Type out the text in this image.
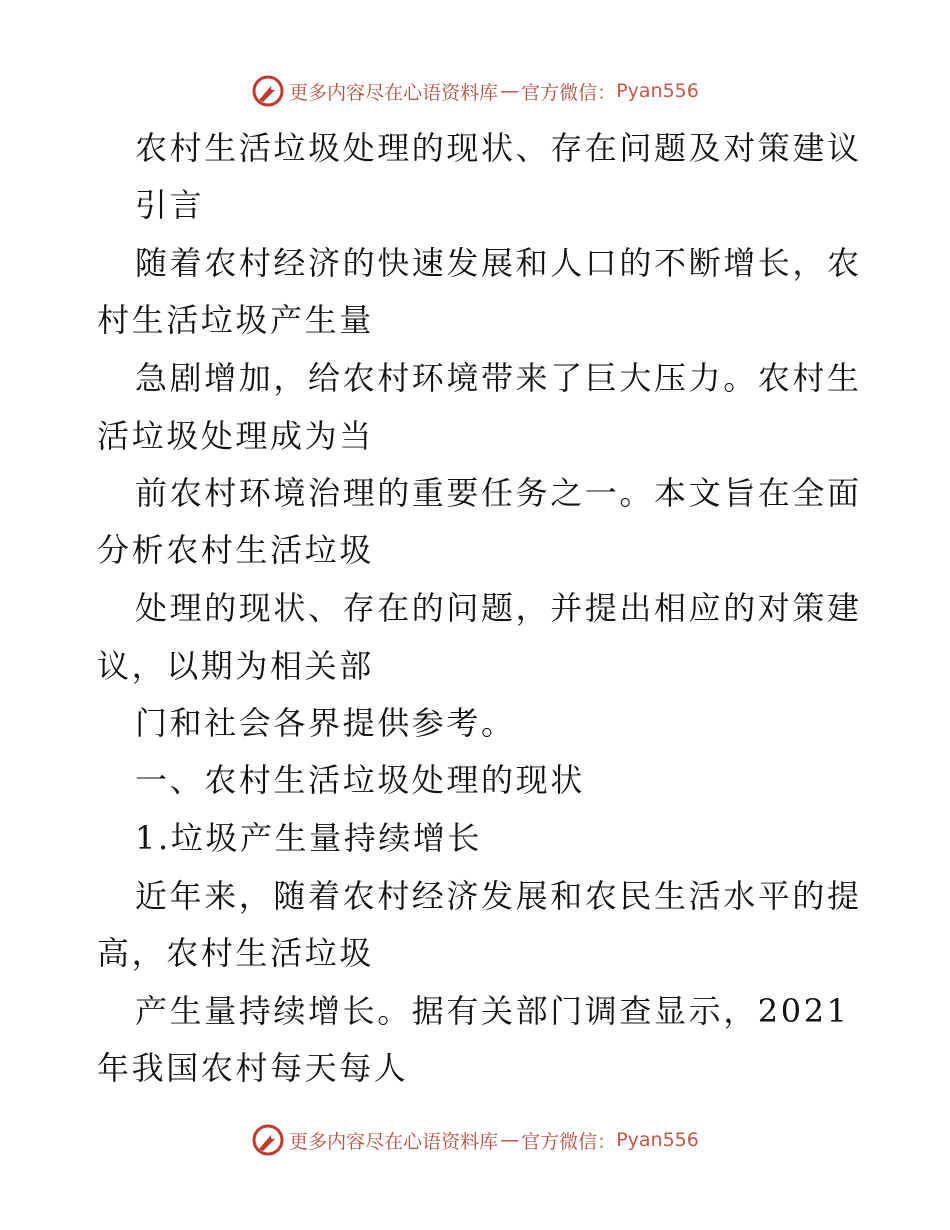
更多内容尽在心语资料库 — 官方微信： Pyan556
农村生活垃圾处理的现状、存在问题及对策建议
引言
随着农村经济的快速发展和人口的不断增长，农
村生活垃圾产生量
急剧增加，给农村环境带来了巨大压力。农村生
活垃圾处理成为当
前农村环境治理的重要任务之一。本文旨在全面
分析农村生活垃圾
处理的现状、存在的问题，并提出相应的对策建
议，以期为相关部
门和社会各界提供参考。
一、农村生活垃圾处理的现状
1.垃圾产生量持续增长
近年来，随着农村经济发展和农民生活水平的提
高，农村生活垃圾
产生量持续增长。据有关部门调查显示，2021
年我国农村每天每人
更多内容尽在心语资料库 — 官方微信： Pyan556
